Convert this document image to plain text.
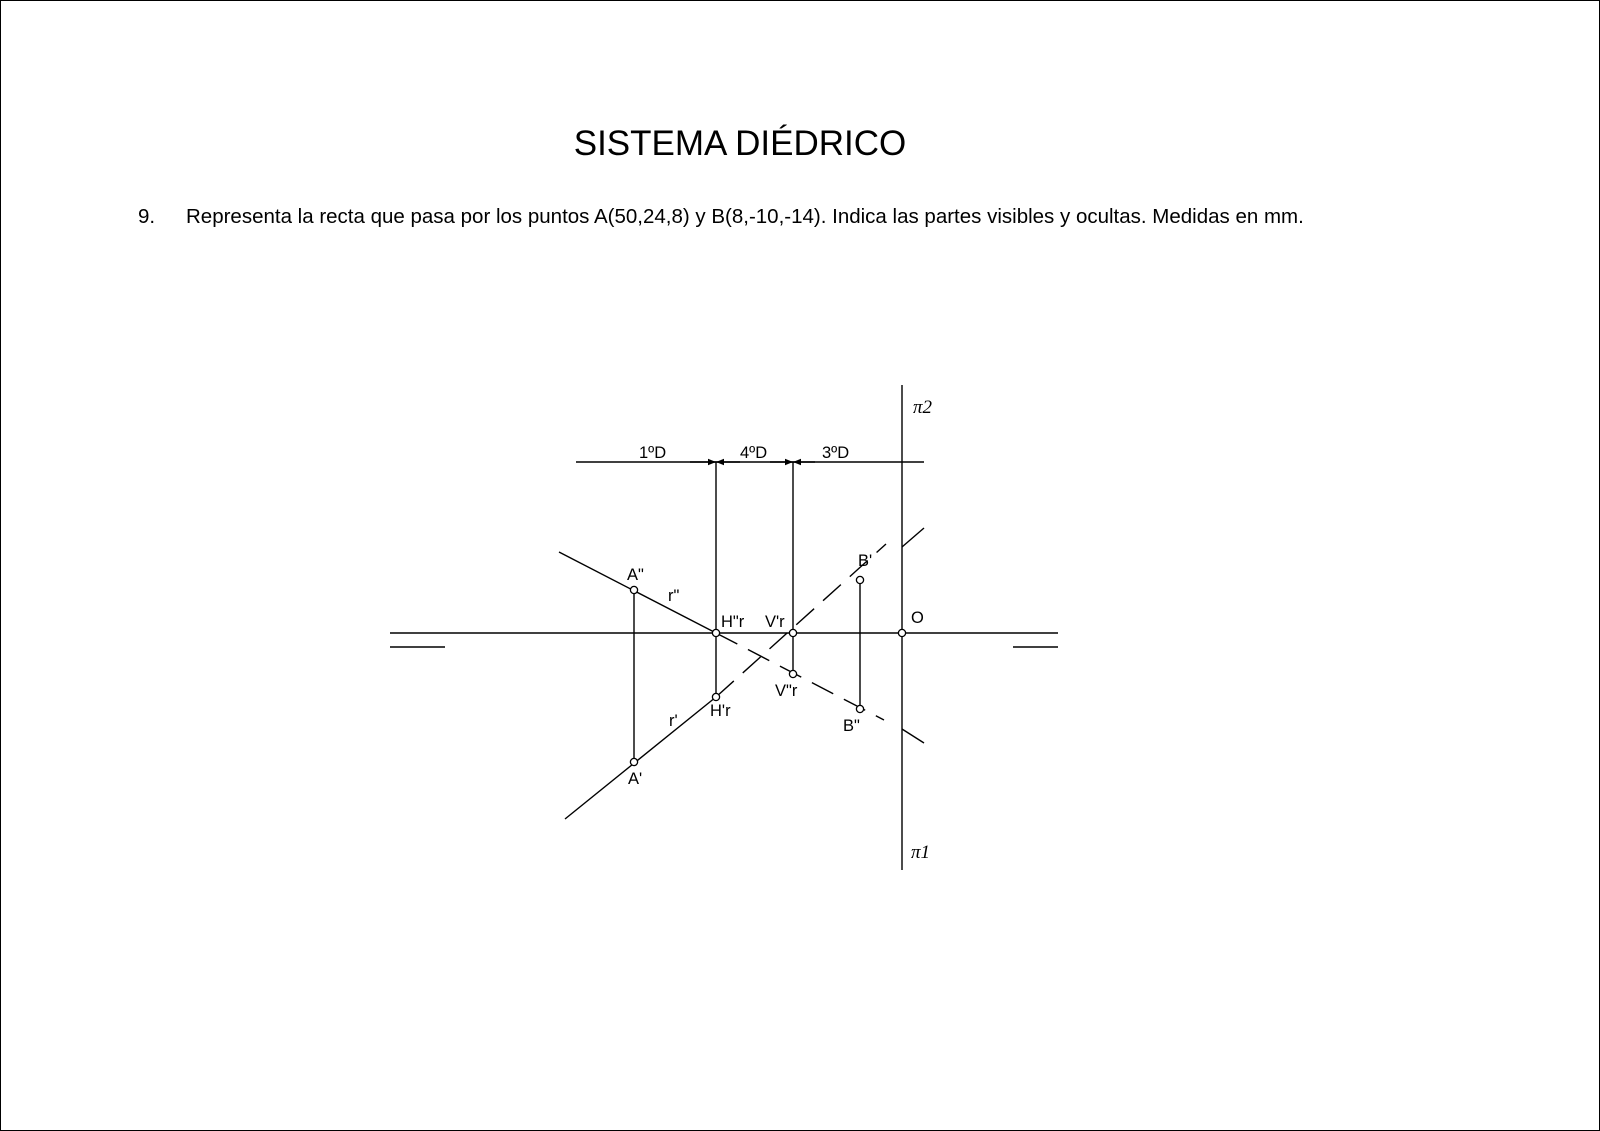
SISTEMA DIÉDRICO
9. Representa la recta que pasa por los puntos A(50,24,8) y B(8,-10,-14). Indica las partes visibles y ocultas. Medidas en mm.
π2
π1
O
1ºD	4ºD	3ºD
A"
A'
B'
B"
r"
r'
H"r
H'r
V'r
V"r
